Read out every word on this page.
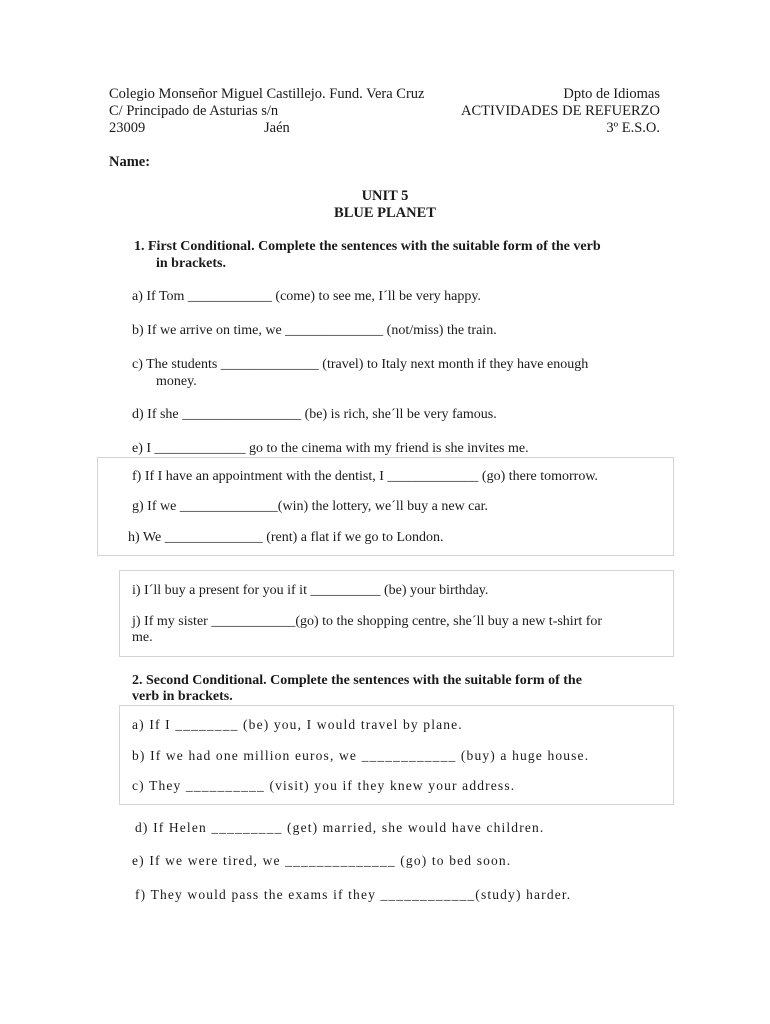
Colegio Monseñor Miguel Castillejo. Fund. Vera Cruz	Dpto de Idiomas
C/ Principado de Asturias s/n	ACTIVIDADES DE REFUERZO
23009	Jaén	3º E.S.O.
Name:
UNIT 5
BLUE PLANET
1. First Conditional. Complete the sentences with the suitable form of the verb
in brackets.
a) If Tom ____________ (come) to see me, I´ll be very happy.
b) If we arrive on time, we ______________ (not/miss) the train.
c) The students ______________ (travel) to Italy next month if they have enough
money.
d) If she _________________ (be) is rich, she´ll be very famous.
e) I _____________ go to the cinema with my friend is she invites me.
f) If I have an appointment with the dentist, I _____________ (go) there tomorrow.
g) If we ______________(win) the lottery, we´ll buy a new car.
h) We ______________ (rent) a flat if we go to London.
i) I´ll buy a present for you if it __________ (be) your birthday.
j) If my sister ____________(go) to the shopping centre, she´ll buy a new t-shirt for
me.
2. Second Conditional. Complete the sentences with the suitable form of the
verb in brackets.
a) If I ________ (be) you, I would travel by plane.
b) If we had one million euros, we ____________ (buy) a huge house.
c) They __________ (visit) you if they knew your address.
d) If Helen _________ (get) married, she would have children.
e) If we were tired, we ______________ (go) to bed soon.
f) They would pass the exams if they ____________(study) harder.
